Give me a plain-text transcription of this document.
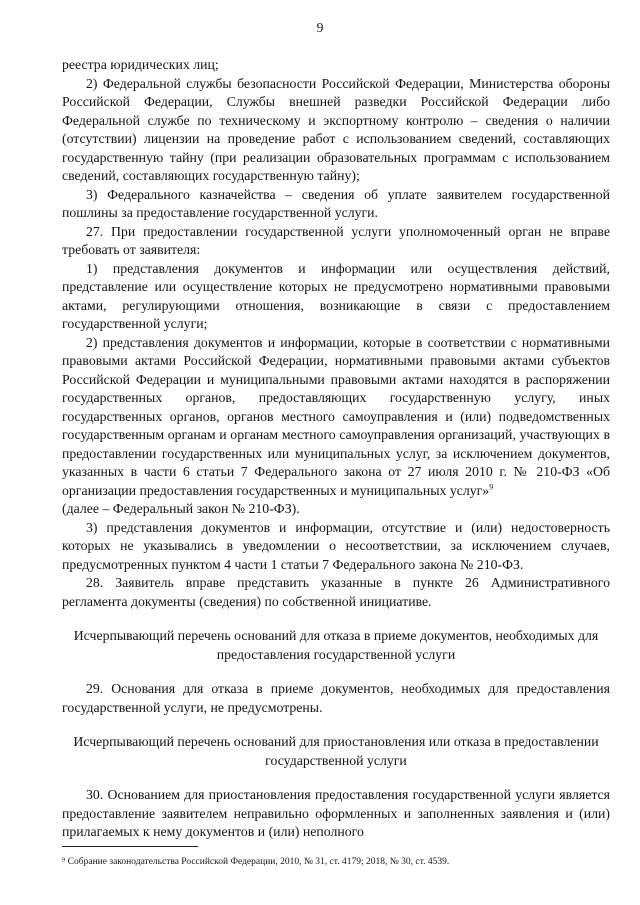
9

реестра юридических лиц;

2) Федеральной службы безопасности Российской Федерации, Министерства обороны Российской Федерации, Службы внешней разведки Российской Федерации либо Федеральной службе по техническому и экспортному контролю – сведения о наличии (отсутствии) лицензии на проведение работ с использованием сведений, составляющих государственную тайну (при реализации образовательных программам с использованием сведений, составляющих государственную тайну);

3) Федерального казначейства – сведения об уплате заявителем государственной пошлины за предоставление государственной услуги.

27. При предоставлении государственной услуги уполномоченный орган не вправе требовать от заявителя:

1) представления документов и информации или осуществления действий, представление или осуществление которых не предусмотрено нормативными правовыми актами, регулирующими отношения, возникающие в связи с предоставлением государственной услуги;

2) представления документов и информации, которые в соответствии с нормативными правовыми актами Российской Федерации, нормативными правовыми актами субъектов Российской Федерации и муниципальными правовыми актами находятся в распоряжении государственных органов, предоставляющих государственную услугу, иных государственных органов, органов местного самоуправления и (или) подведомственных государственным органам и органам местного самоуправления организаций, участвующих в предоставлении государственных или муниципальных услуг, за исключением документов, указанных в части 6 статьи 7 Федерального закона от 27 июля 2010 г. № 210-ФЗ «Об организации предоставления государственных и муниципальных услуг»$^9$

(далее – Федеральный закон № 210-ФЗ).

3) представления документов и информации, отсутствие и (или) недостоверность которых не указывались в уведомлении о несоответствии, за исключением случаев, предусмотренных пунктом 4 части 1 статьи 7 Федерального закона № 210-ФЗ.

28. Заявитель вправе представить указанные в пункте 26 Административного регламента документы (сведения) по собственной инициативе.

Исчерпывающий перечень оснований для отказа в приеме документов, необходимых для предоставления государственной услуги

29. Основания для отказа в приеме документов, необходимых для предоставления государственной услуги, не предусмотрены.

Исчерпывающий перечень оснований для приостановления или отказа в предоставлении государственной услуги

30. Основанием для приостановления предоставления государственной услуги является предоставление заявителем неправильно оформленных и заполненных заявления и (или) прилагаемых к нему документов и (или) неполного

⁹ Собрание законодательства Российской Федерации, 2010, № 31, ст. 4179; 2018, № 30, ст. 4539.
